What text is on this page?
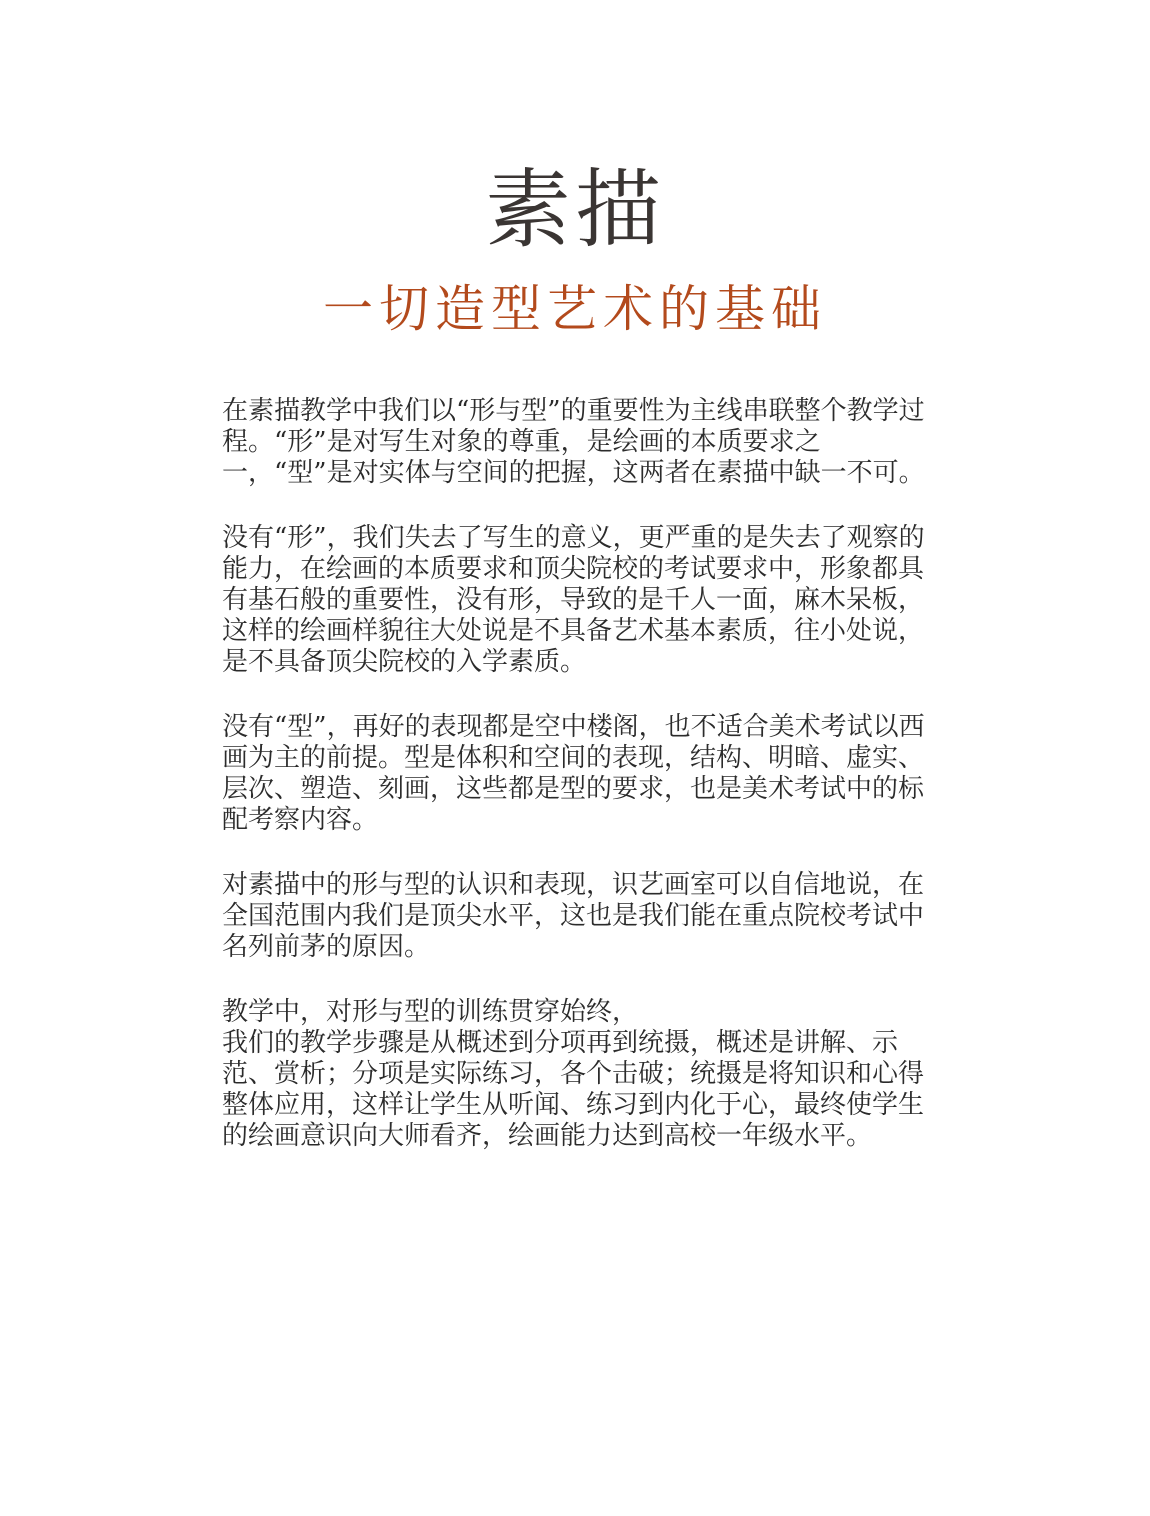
素描
一切造型艺术的基础

在素描教学中我们以“形与型”的重要性为主线串联整个教学过程。“形”是对写生对象的尊重，是绘画的本质要求之一，“型”是对实体与空间的把握，这两者在素描中缺一不可。

没有“形”，我们失去了写生的意义，更严重的是失去了观察的能力，在绘画的本质要求和顶尖院校的考试要求中，形象都具有基石般的重要性，没有形，导致的是千人一面，麻木呆板，这样的绘画样貌往大处说是不具备艺术基本素质，往小处说，是不具备顶尖院校的入学素质。

没有“型”，再好的表现都是空中楼阁，也不适合美术考试以西画为主的前提。型是体积和空间的表现，结构、明暗、虚实、层次、塑造、刻画，这些都是型的要求，也是美术考试中的标配考察内容。

对素描中的形与型的认识和表现，识艺画室可以自信地说，在全国范围内我们是顶尖水平，这也是我们能在重点院校考试中名列前茅的原因。

教学中，对形与型的训练贯穿始终，
我们的教学步骤是从概述到分项再到统摄，概述是讲解、示范、赏析；分项是实际练习，各个击破；统摄是将知识和心得整体应用，这样让学生从听闻、练习到内化于心，最终使学生的绘画意识向大师看齐，绘画能力达到高校一年级水平。
